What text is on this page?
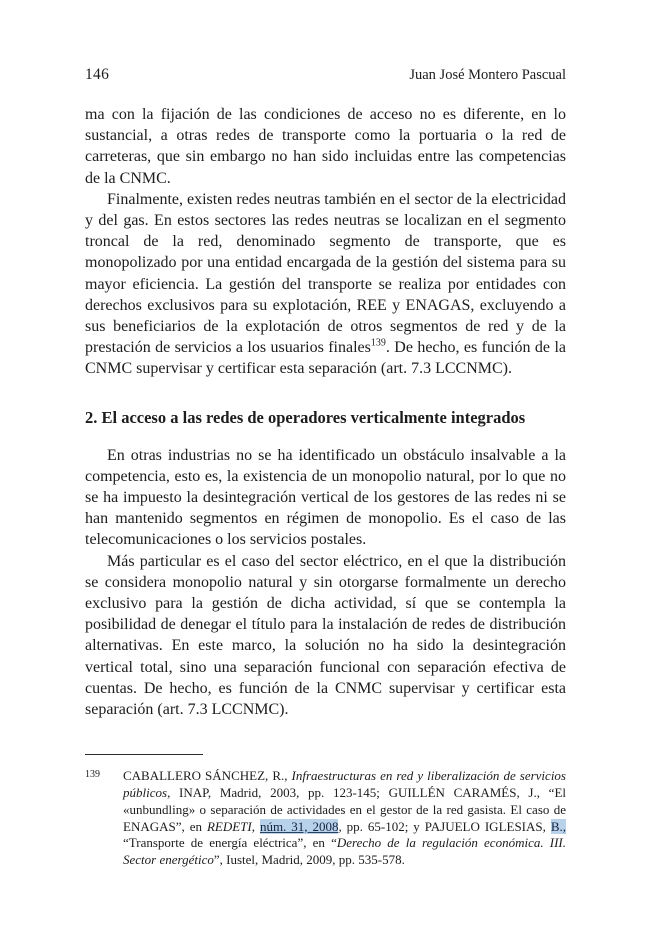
146	Juan José Montero Pascual

ma con la fijación de las condiciones de acceso no es diferente, en lo sustancial, a otras redes de transporte como la portuaria o la red de carreteras, que sin embargo no han sido incluidas entre las competencias de la CNMC.

Finalmente, existen redes neutras también en el sector de la electricidad y del gas. En estos sectores las redes neutras se localizan en el segmento troncal de la red, denominado segmento de transporte, que es monopolizado por una entidad encargada de la gestión del sistema para su mayor eficiencia. La gestión del transporte se realiza por entidades con derechos exclusivos para su explotación, REE y ENAGAS, excluyendo a sus beneficiarios de la explotación de otros segmentos de red y de la prestación de servicios a los usuarios finales$^{139}$. De hecho, es función de la CNMC supervisar y certificar esta separación (art. 7.3 LCCNMC).

2. El acceso a las redes de operadores verticalmente integrados

En otras industrias no se ha identificado un obstáculo insalvable a la competencia, esto es, la existencia de un monopolio natural, por lo que no se ha impuesto la desintegración vertical de los gestores de las redes ni se han mantenido segmentos en régimen de monopolio. Es el caso de las telecomunicaciones o los servicios postales.

Más particular es el caso del sector eléctrico, en el que la distribución se considera monopolio natural y sin otorgarse formalmente un derecho exclusivo para la gestión de dicha actividad, sí que se contempla la posibilidad de denegar el título para la instalación de redes de distribución alternativas. En este marco, la solución no ha sido la desintegración vertical total, sino una separación funcional con separación efectiva de cuentas. De hecho, es función de la CNMC supervisar y certificar esta separación (art. 7.3 LCCNMC).

139	CABALLERO SÁNCHEZ, R., Infraestructuras en red y liberalización de servicios públicos, INAP, Madrid, 2003, pp. 123-145; GUILLÉN CARAMÉS, J., “El «unbundling» o separación de actividades en el gestor de la red gasista. El caso de ENAGAS”, en REDETI, núm. 31, 2008, pp. 65-102; y PAJUELO IGLESIAS, B., “Transporte de energía eléctrica”, en “Derecho de la regulación económica. III. Sector energético”, Iustel, Madrid, 2009, pp. 535-578.
